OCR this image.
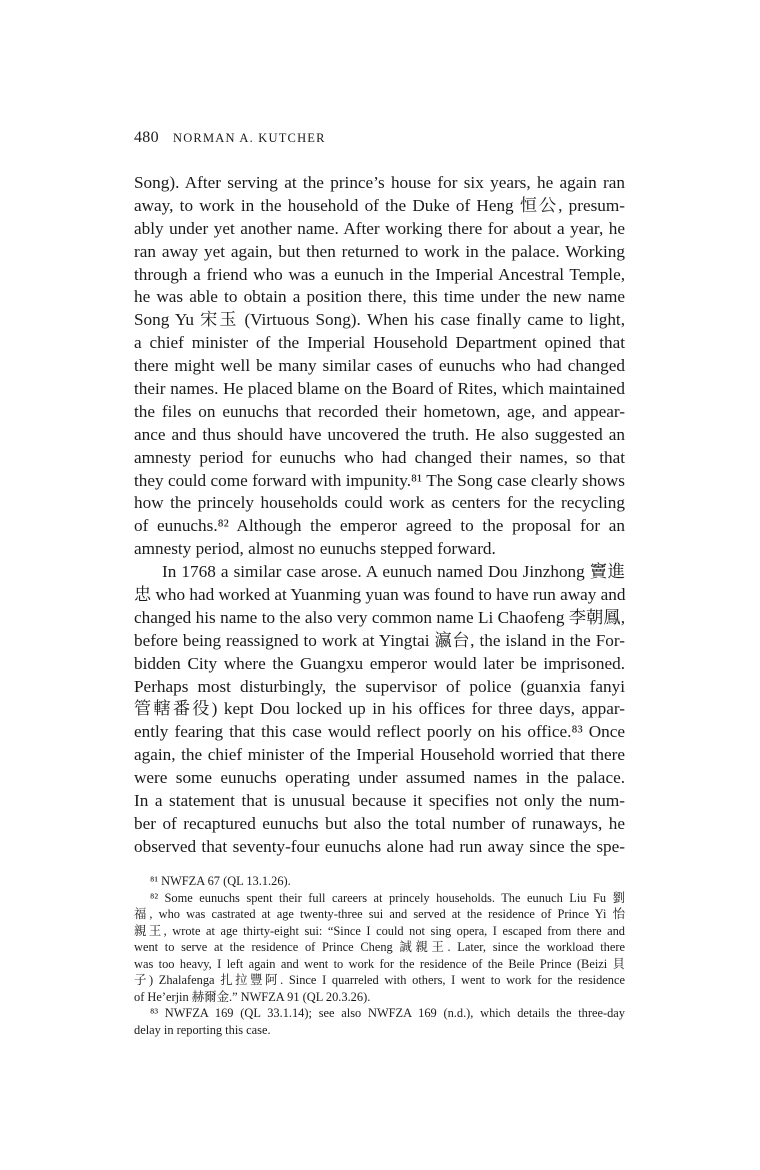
480 NORMAN A. KUTCHER
Song). After serving at the prince’s house for six years, he again ran
away, to work in the household of the Duke of Heng 恒公, presum-
ably under yet another name. After working there for about a year, he
ran away yet again, but then returned to work in the palace. Working
through a friend who was a eunuch in the Imperial Ancestral Temple,
he was able to obtain a position there, this time under the new name
Song Yu 宋玉 (Virtuous Song). When his case finally came to light,
a chief minister of the Imperial Household Department opined that
there might well be many similar cases of eunuchs who had changed
their names. He placed blame on the Board of Rites, which maintained
the files on eunuchs that recorded their hometown, age, and appear-
ance and thus should have uncovered the truth. He also suggested an
amnesty period for eunuchs who had changed their names, so that
they could come forward with impunity.⁸¹ The Song case clearly shows
how the princely households could work as centers for the recycling
of eunuchs.⁸² Although the emperor agreed to the proposal for an
amnesty period, almost no eunuchs stepped forward.
In 1768 a similar case arose. A eunuch named Dou Jinzhong 竇進
忠 who had worked at Yuanming yuan was found to have run away and
changed his name to the also very common name Li Chaofeng 李朝鳳,
before being reassigned to work at Yingtai 瀛台, the island in the For-
bidden City where the Guangxu emperor would later be imprisoned.
Perhaps most disturbingly, the supervisor of police (guanxia fanyi
管轄番役) kept Dou locked up in his offices for three days, appar-
ently fearing that this case would reflect poorly on his office.⁸³ Once
again, the chief minister of the Imperial Household worried that there
were some eunuchs operating under assumed names in the palace.
In a statement that is unusual because it specifies not only the num-
ber of recaptured eunuchs but also the total number of runaways, he
observed that seventy-four eunuchs alone had run away since the spe-
⁸¹ NWFZA 67 (QL 13.1.26).
⁸² Some eunuchs spent their full careers at princely households. The eunuch Liu Fu 劉
福, who was castrated at age twenty-three sui and served at the residence of Prince Yi 怡
親王, wrote at age thirty-eight sui: “Since I could not sing opera, I escaped from there and
went to serve at the residence of Prince Cheng 誠親王. Later, since the workload there
was too heavy, I left again and went to work for the residence of the Beile Prince (Beizi 貝
子) Zhalafenga 扎拉豐阿. Since I quarreled with others, I went to work for the residence
of He’erjin 赫爾金.” NWFZA 91 (QL 20.3.26).
⁸³ NWFZA 169 (QL 33.1.14); see also NWFZA 169 (n.d.), which details the three-day
delay in reporting this case.
